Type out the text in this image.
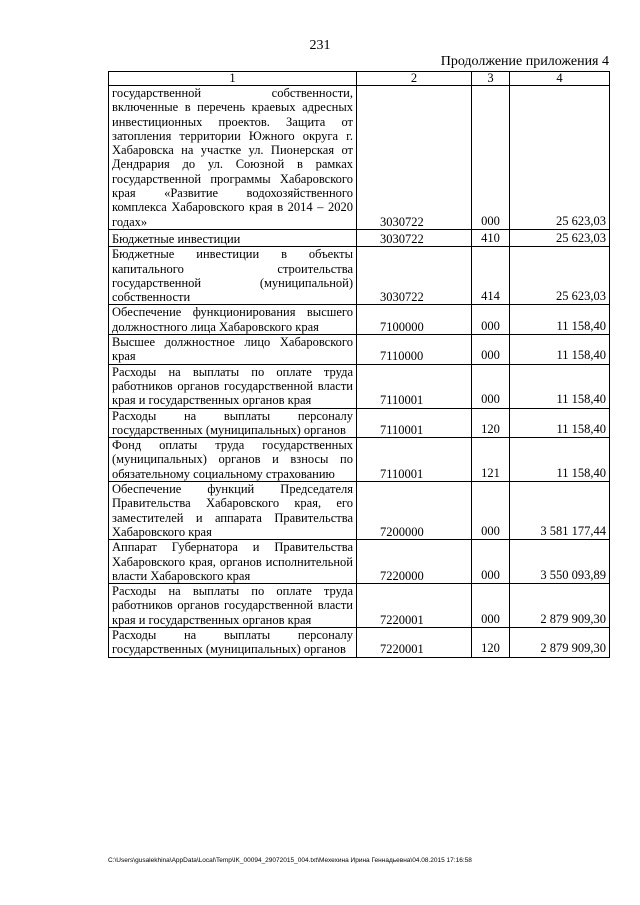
231
Продолжение приложения 4
1	2	3	4

государственной собственности, включенные в перечень краевых адресных инвестиционных проектов. Защита от затопления территории Южного округа г. Хабаровска на участке ул. Пионерская от Дендрария до ул. Союзной в рамках государственной программы Хабаровского края «Развитие водохозяйственного комплекса Хабаровского края в 2014 – 2020 годах»	3030722	000	25 623,03

Бюджетные инвестиции	3030722	410	25 623,03

Бюджетные инвестиции в объекты капитального строительства государственной (муниципальной) собственности	3030722	414	25 623,03

Обеспечение функционирования высшего должностного лица Хабаровского края	7100000	000	11 158,40

Высшее должностное лицо Хабаровского края	7110000	000	11 158,40

Расходы на выплаты по оплате труда работников органов государственной власти края и государственных органов края	7110001	000	11 158,40

Расходы на выплаты персоналу государственных (муниципальных) органов	7110001	120	11 158,40

Фонд оплаты труда государственных (муниципальных) органов и взносы по обязательному социальному страхованию	7110001	121	11 158,40

Обеспечение функций Председателя Правительства Хабаровского края, его заместителей и аппарата Правительства Хабаровского края	7200000	000	3 581 177,44

Аппарат Губернатора и Правительства Хабаровского края, органов исполнительной власти Хабаровского края	7220000	000	3 550 093,89

Расходы на выплаты по оплате труда работников органов государственной власти края и государственных органов края	7220001	000	2 879 909,30

Расходы на выплаты персоналу государственных (муниципальных) органов	7220001	120	2 879 909,30
C:\Users\gusalekhina\AppData\Local\Temp\IK_00094_29072015_004.txt\Мехехина Ирина Геннадьевна\04.08.2015 17:16:58
